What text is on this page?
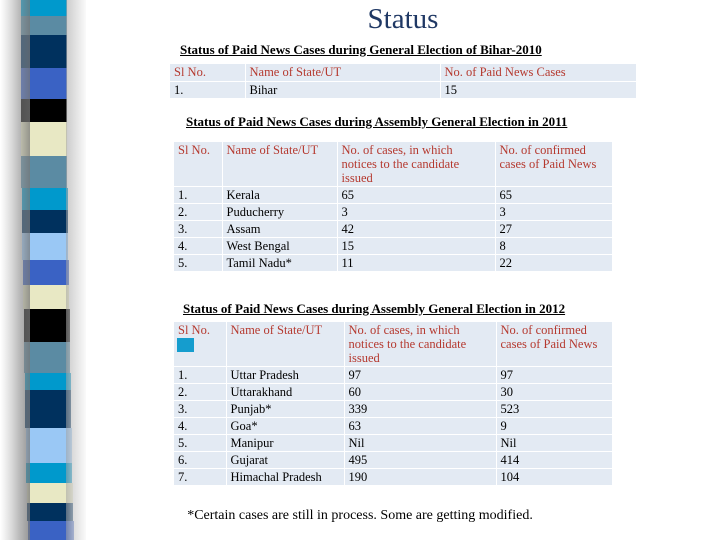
Status
Status of Paid News Cases during General Election of Bihar-2010
Sl No.	Name of State/UT	No. of Paid News Cases
1.	Bihar	15
Status of Paid News Cases during Assembly General Election in 2011
Sl No.	Name of State/UT	No. of cases, in which notices to the candidate issued	No. of confirmed cases of Paid News
1.	Kerala	65	65
2.	Puducherry	3	3
3.	Assam	42	27
4.	West Bengal	15	8
5.	Tamil Nadu*	11	22
Status of Paid News Cases during Assembly General Election in 2012
Sl No.	Name of State/UT	No. of cases, in which notices to the candidate issued	No. of confirmed cases of Paid News
1.	Uttar Pradesh	97	97
2.	Uttarakhand	60	30
3.	Punjab*	339	523
4.	Goa*	63	9
5.	Manipur	Nil	Nil
6.	Gujarat	495	414
7.	Himachal Pradesh	190	104
*Certain cases are still in process. Some are getting modified.
